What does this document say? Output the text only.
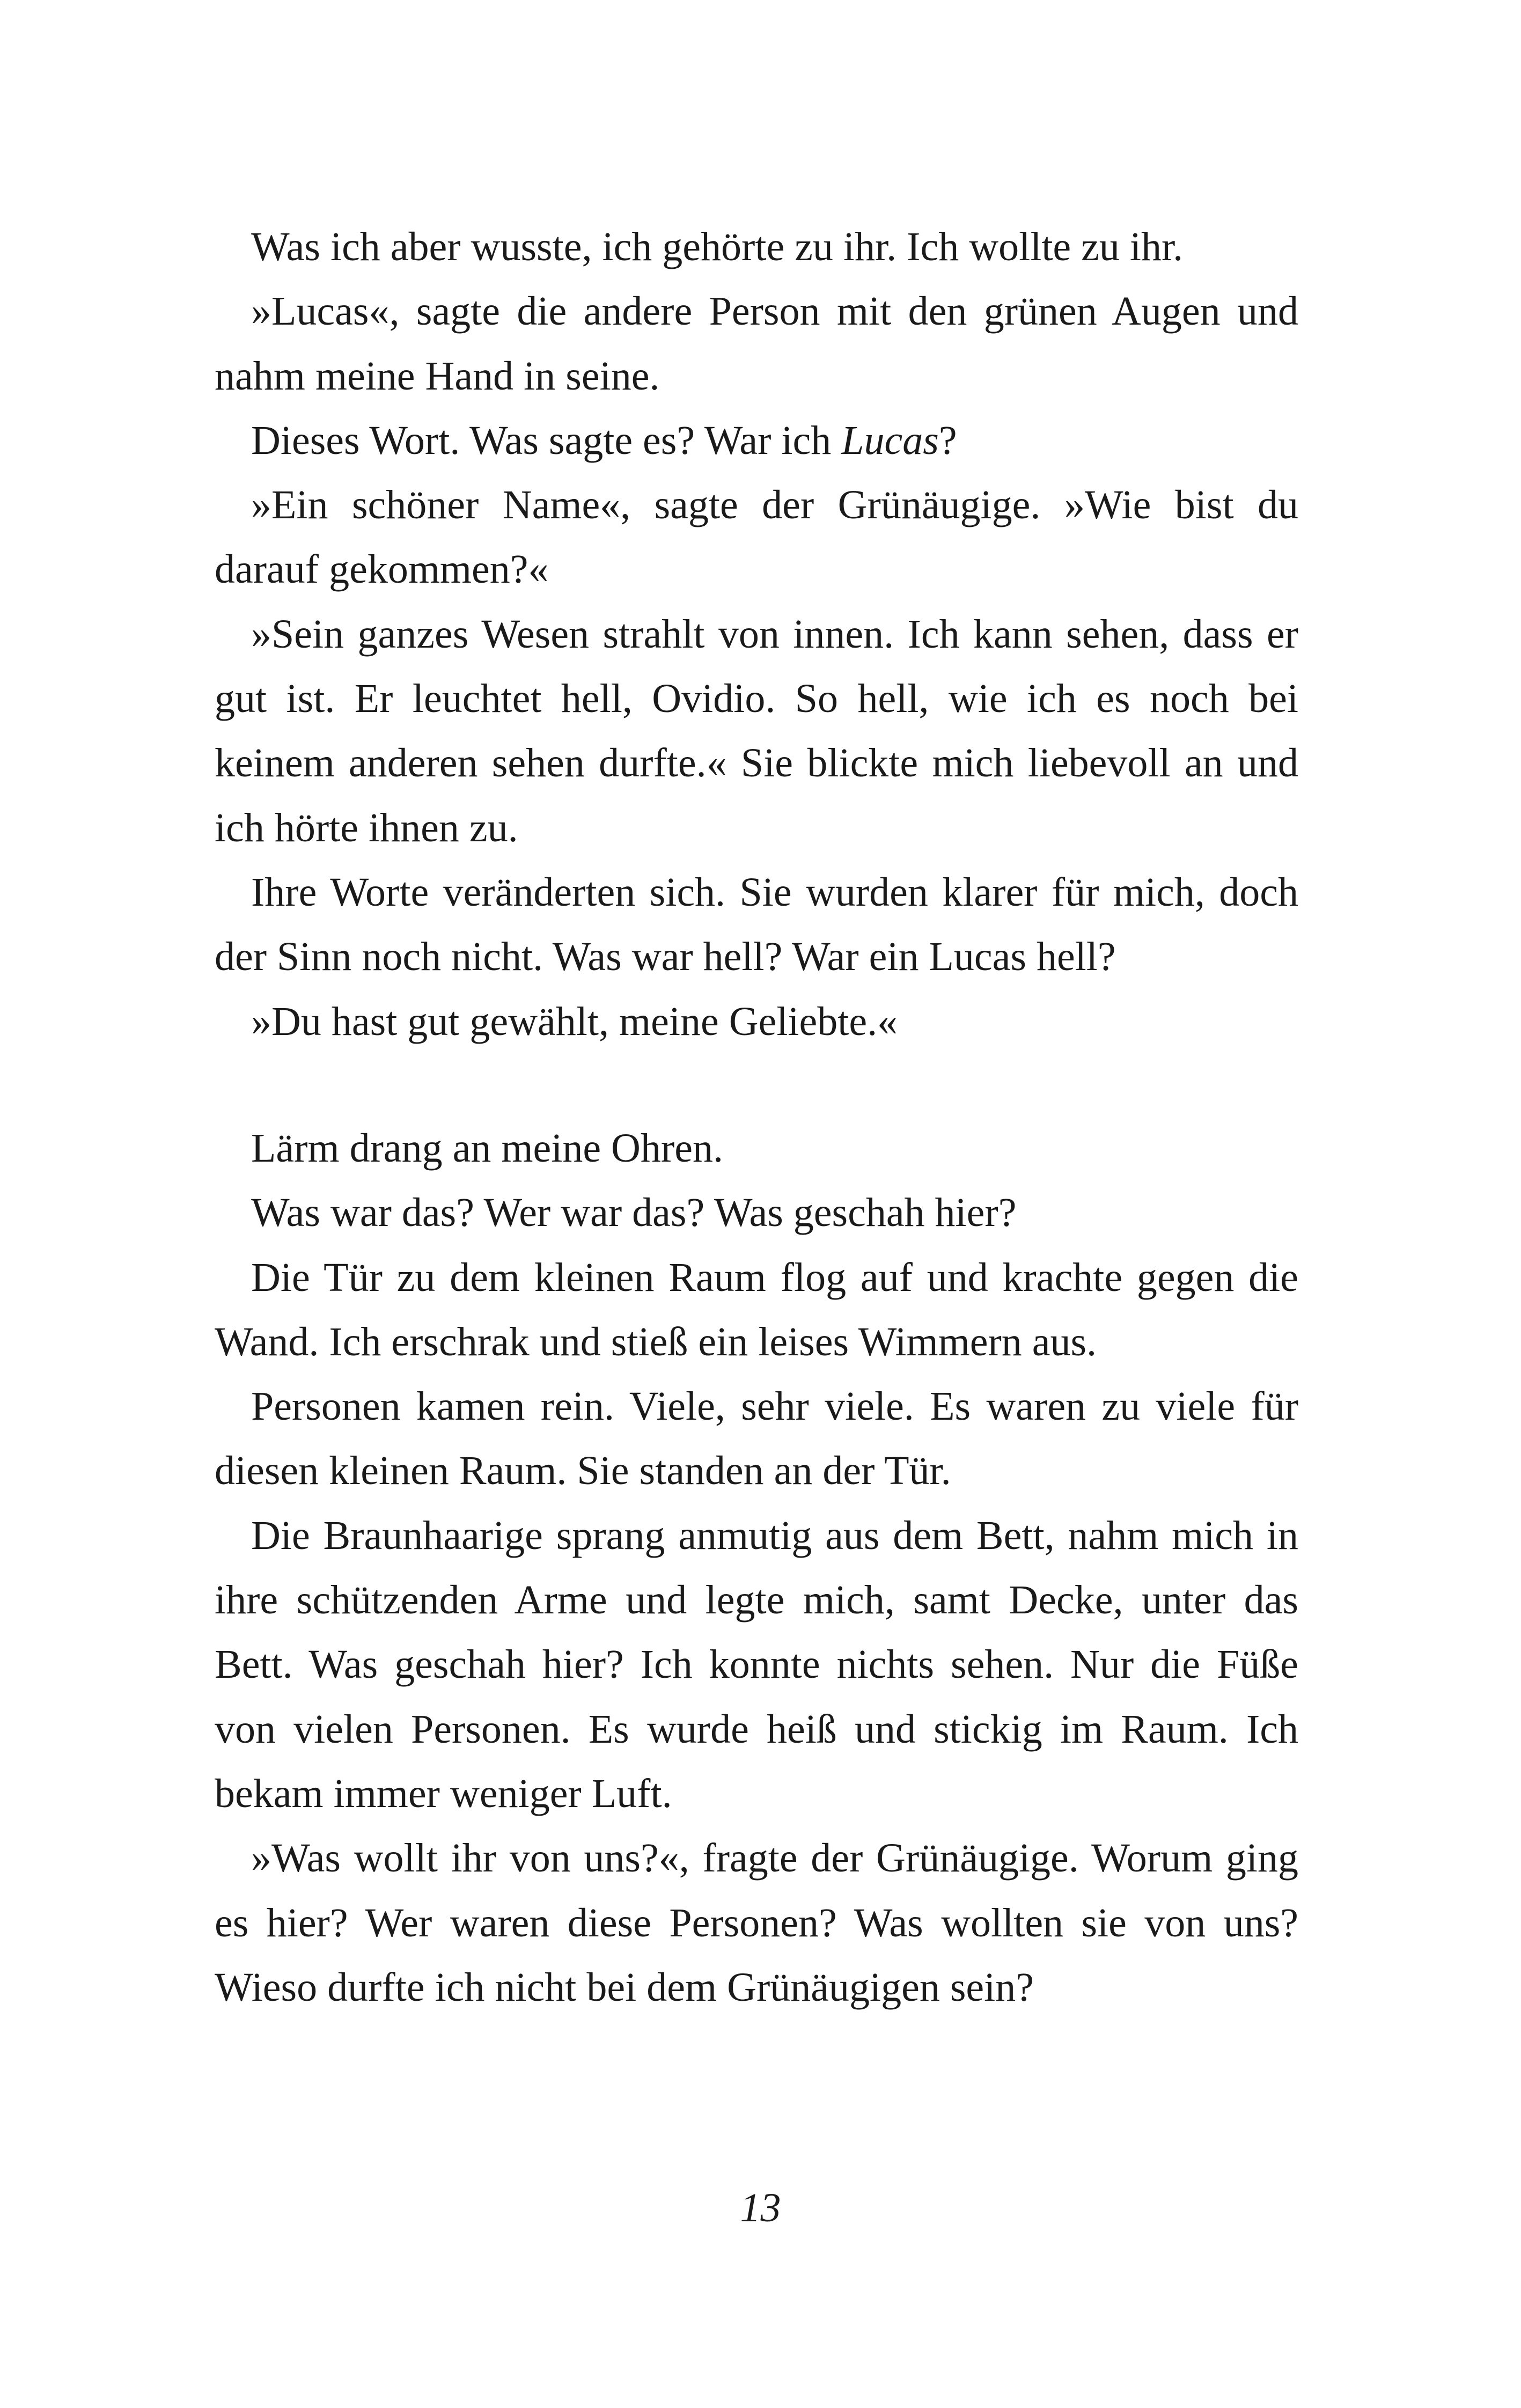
Was ich aber wusste, ich gehörte zu ihr. Ich wollte zu ihr.

»Lucas«, sagte die andere Person mit den grünen Augen und nahm meine Hand in seine.

Dieses Wort. Was sagte es? War ich Lucas?

»Ein schöner Name«, sagte der Grünäugige. »Wie bist du darauf gekommen?«

»Sein ganzes Wesen strahlt von innen. Ich kann sehen, dass er gut ist. Er leuchtet hell, Ovidio. So hell, wie ich es noch bei keinem anderen sehen durfte.« Sie blickte mich liebevoll an und ich hörte ihnen zu.

Ihre Worte veränderten sich. Sie wurden klarer für mich, doch der Sinn noch nicht. Was war hell? War ein Lucas hell?

»Du hast gut gewählt, meine Geliebte.«

Lärm drang an meine Ohren.

Was war das? Wer war das? Was geschah hier?

Die Tür zu dem kleinen Raum flog auf und krachte gegen die Wand. Ich erschrak und stieß ein leises Wimmern aus.

Personen kamen rein. Viele, sehr viele. Es waren zu viele für diesen kleinen Raum. Sie standen an der Tür.

Die Braunhaarige sprang anmutig aus dem Bett, nahm mich in ihre schützenden Arme und legte mich, samt Decke, unter das Bett. Was geschah hier? Ich konnte nichts sehen. Nur die Füße von vielen Personen. Es wurde heiß und stickig im Raum. Ich bekam immer weniger Luft.

»Was wollt ihr von uns?«, fragte der Grünäugige. Worum ging es hier? Wer waren diese Personen? Was wollten sie von uns? Wieso durfte ich nicht bei dem Grünäugigen sein?

13
